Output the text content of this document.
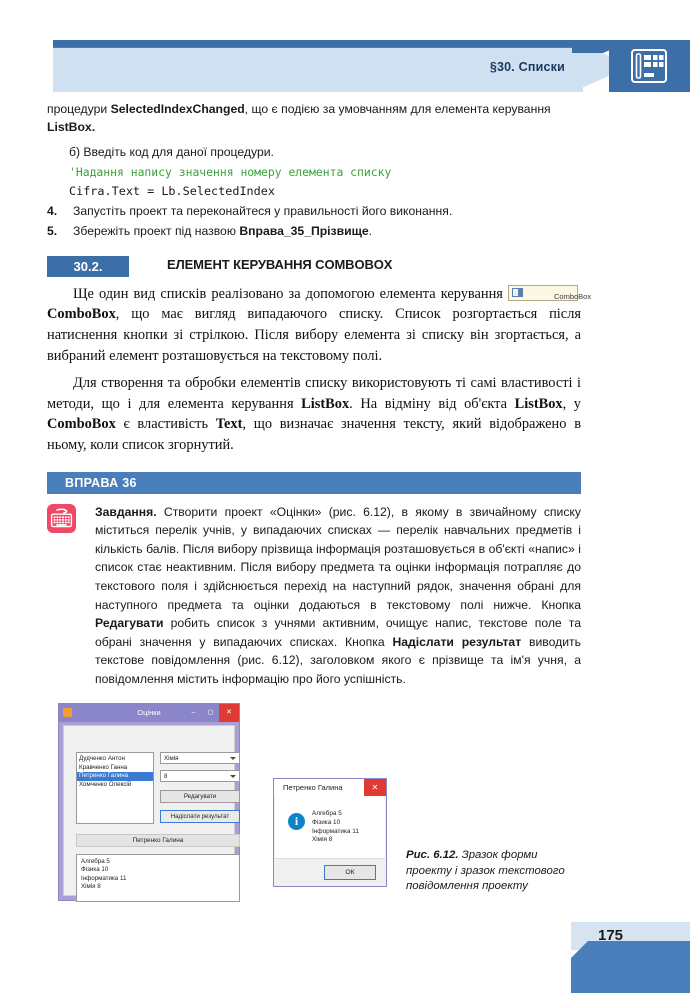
§30. Списки

процедури SelectedIndexChanged, що є подією за умовчанням для елемента керування ListBox.

б) Введіть код для даної процедури.
'Надання напису значення номеру елемента списку
Cifra.Text = Lb.SelectedIndex
4. Запустіть проект та переконайтеся у правильності його виконання.
5. Збережіть проект під назвою Вправа_35_Прізвище.
30.2.	ЕЛЕМЕНТ КЕРУВАННЯ COMBOBOX

Ще один вид списків реалізовано за допомогою елемента керування	ComboBox
ComboBox, що має вигляд випадаючого списку. Список розгортається після натиснення кнопки зі стрілкою. Після вибору елемента зі списку він згортається, а вибраний елемент розташовується на текстовому полі.

Для створення та обробки елементів списку використовують ті самі властивості і методи, що і для елемента керування ListBox. На відміну від об'єкта ListBox, у ComboBox є властивість Text, що визначає значення тексту, який відображено в ньому, коли список згорнутий.

ВПРАВА 36

Завдання. Створити проект «Оцінки» (рис. 6.12), в якому в звичайному списку міститься перелік учнів, у випадаючих списках — перелік навчальних предметів і кількість балів. Після вибору прізвища інформація розташовується в об'єкті «напис» і список стає неактивним. Після вибору предмета та оцінки інформація потрапляє до текстового поля і здійснюється перехід на наступний рядок, значення обрані для наступного предмета та оцінки додаються в текстовому полі нижче. Кнопка Редагувати робить список з учнями активним, очищує напис, текстове поле та обрані значення у випадаючих списках. Кнопка Надіслати результат виводить текстове повідомлення (рис. 6.12), заголовком якого є прізвище та ім'я учня, а повідомлення містить інформацію про його успішність.

Оцінки	–	◻	✕
Дудченко Антон
Кравченко Ганна
Петренко Галина
Хомченко Олексій
Хімія
8
Редагувати
Надіслати результат
Петренко Галина
Алгебра 5
Фізика 10
Інформатика 11
Хімія 8
Петренко Галина	✕
i
Алгебра 5
Фізика 10
Інформатика 11
Хімія 8
ОК
Рис. 6.12. Зразок форми проекту і зразок текстового повідомлення проекту
175
